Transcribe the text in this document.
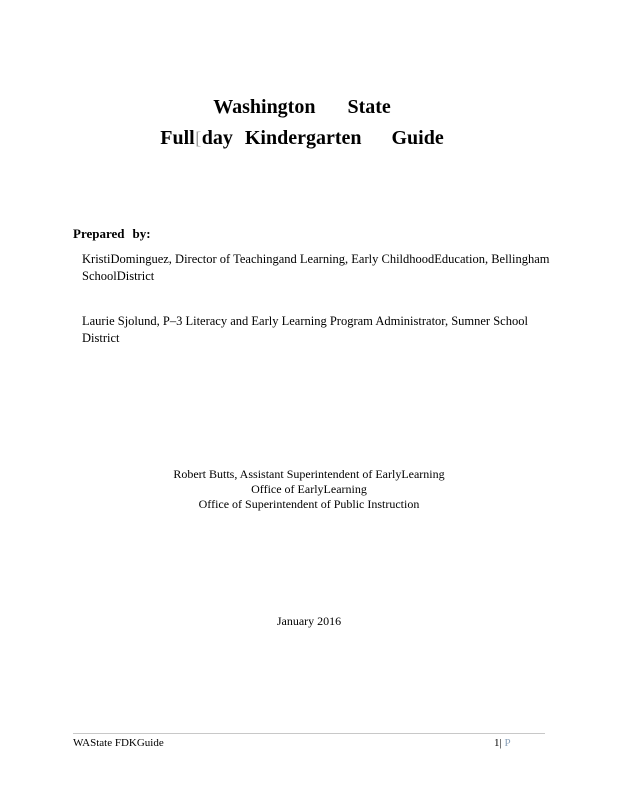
Washington State
Full[day Kindergarten Guide
Prepared by:
KristiDominguez, Director of Teachingand Learning, Early ChildhoodEducation, Bellingham SchoolDistrict
Laurie Sjolund, P–3 Literacy and Early Learning Program Administrator, Sumner School District
Robert Butts, Assistant Superintendent of EarlyLearning
Office of EarlyLearning
Office of Superintendent of Public Instruction
January 2016
WAState FDKGuide	1| P
